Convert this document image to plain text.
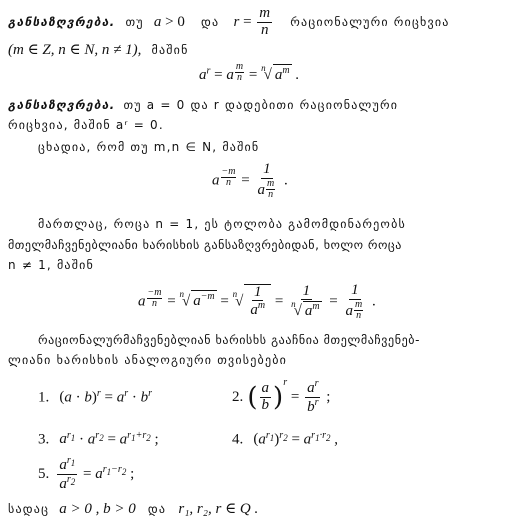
განსაზღვრება. თუ a > 0 და $r = \frac{m}{n}$ რაციონალური რიცხვია
(m ∈ Z, n ∈ N, n ≠ 1), მაშინ
$a^r = a \frac{m}{n} = ^n√$ $a^m$ .
განსაზღვრება. თუ a = 0 და r დადებითი რაციონალური
რიცხვია, მაშინ aʳ = 0.
ცხადია, რომ თუ m,n ∈ N, მაშინ
a $\frac{-m}{n} = \frac{1}{a \frac{m}{n}}$ .
მართლაც, როცა n = 1, ეს ტოლობა გამომდინარეობს
მთელმაჩვენებლიანი ხარისხის განსაზღვრებიდან, ხოლო როცა
n ≠ 1, მაშინ
a $\frac{-m}{n} = ^n√$ $a^{-m} = ^n√ \frac{1}{a^m} = \frac{1}{^n√ a^m} = \frac{1}{a \frac{m}{n}}$ .
რაციონალურმაჩვენებლიან ხარისხს გააჩნია მთელმაჩვენებ-
ლიანი ხარისხის ანალოგიური თვისებები
1. $(a \cdot b)^r = a^r \cdot b^r$	2. ( $\frac{a}{b} )^r = \frac{a^r}{b^r}$ ;
3. $a^{r1} \cdot a^{r2} = a^{r1+r2}$ ;	4. $(a^{r1})^{r2} = a^{r1\cdot r2}$ ,
5. $\frac{a^{r1}}{a^{r2}} = a^{r1-r2}$ ;
სადაც a > 0 , b > 0 და r₁, r₂, r ∈ Q .
